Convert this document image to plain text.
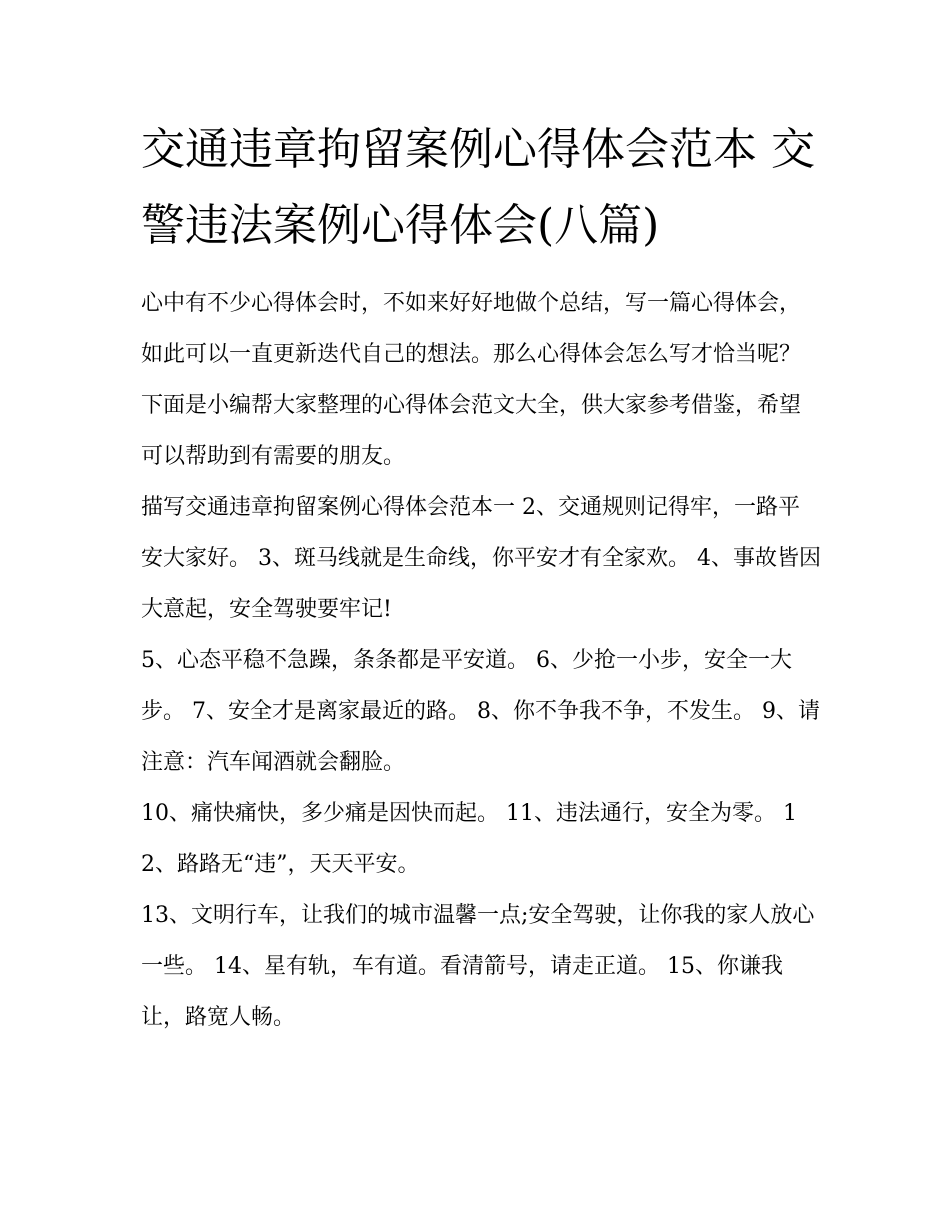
交通违章拘留案例心得体会范本 交警违法案例心得体会(八篇)

心中有不少心得体会时，不如来好好地做个总结，写一篇心得体会，如此可以一直更新迭代自己的想法。那么心得体会怎么写才恰当呢？下面是小编帮大家整理的心得体会范文大全，供大家参考借鉴，希望可以帮助到有需要的朋友。

描写交通违章拘留案例心得体会范本一 2、交通规则记得牢，一路平安大家好。 3、斑马线就是生命线，你平安才有全家欢。 4、事故皆因大意起，安全驾驶要牢记!

5、心态平稳不急躁，条条都是平安道。 6、少抢一小步，安全一大步。 7、安全才是离家最近的路。 8、你不争我不争，不发生。 9、请注意：汽车闻酒就会翻脸。

10、痛快痛快，多少痛是因快而起。 11、违法通行，安全为零。 12、路路无“违”，天天平安。

13、文明行车，让我们的城市温馨一点;安全驾驶，让你我的家人放心一些。 14、星有轨，车有道。看清箭号，请走正道。 15、你谦我让，路宽人畅。
